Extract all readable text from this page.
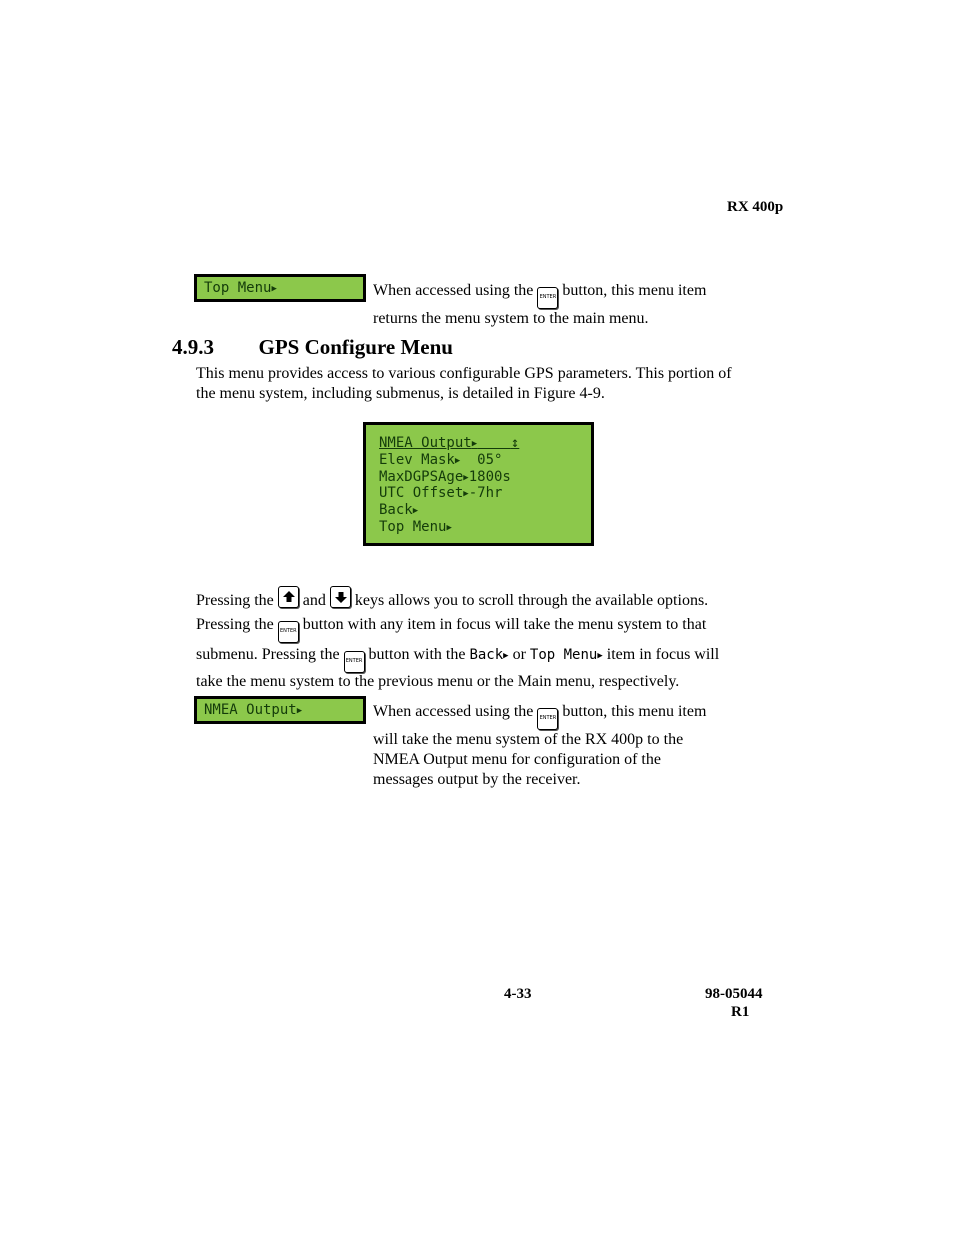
RX 400p
Top Menu▶	When accessed using the ENTER button, this menu item
returns the menu system to the main menu.
4.9.3 GPS Configure Menu
This menu provides access to various configurable GPS parameters. This portion of
the menu system, including submenus, is detailed in Figure 4-9.
NMEA Output▶ ↕
Elev Mask▶ 05°
MaxDGPSAge▶1800s
UTC Offset▶-7hr
Back▶
Top Menu▶
Pressing the and keys allows you to scroll through the available options.
Pressing the ENTER button with any item in focus will take the menu system to that
submenu. Pressing the ENTER button with the Back▶ or Top Menu▶ item in focus will
take the menu system to the previous menu or the Main menu, respectively.
NMEA Output▶	When accessed using the ENTER button, this menu item
will take the menu system of the RX 400p to the
NMEA Output menu for configuration of the
messages output by the receiver.
4-33	98-05044
R1
